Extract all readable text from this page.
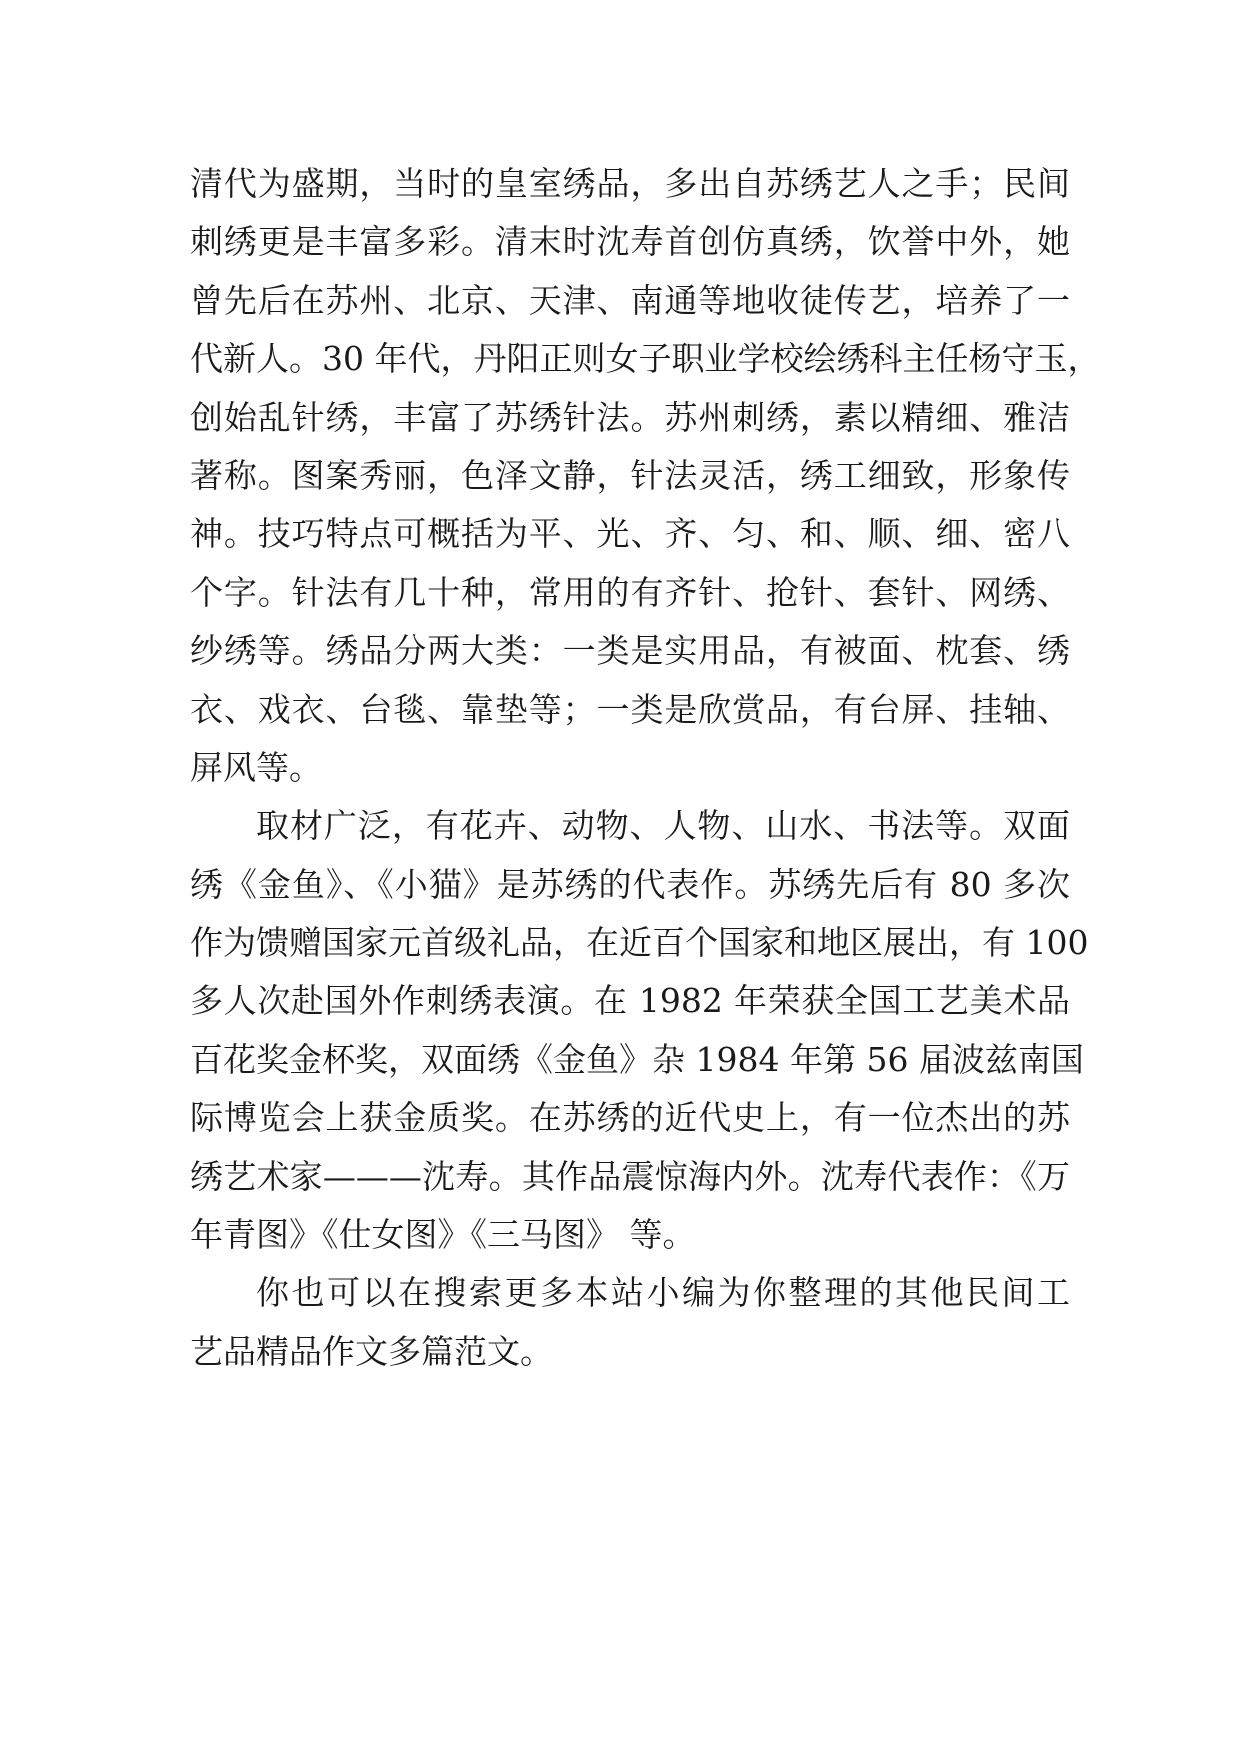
清代为盛期，当时的皇室绣品，多出自苏绣艺人之手；民间
刺绣更是丰富多彩。清末时沈寿首创仿真绣，饮誉中外，她
曾先后在苏州、北京、天津、南通等地收徒传艺，培养了一
代新人。30 年代，丹阳正则女子职业学校绘绣科主任杨守玉，
创始乱针绣，丰富了苏绣针法。苏州刺绣，素以精细、雅洁
著称。图案秀丽，色泽文静，针法灵活，绣工细致，形象传
神。技巧特点可概括为平、光、齐、匀、和、顺、细、密八
个字。针法有几十种，常用的有齐针、抢针、套针、网绣、
纱绣等。绣品分两大类：一类是实用品，有被面、枕套、绣
衣、戏衣、台毯、靠垫等；一类是欣赏品，有台屏、挂轴、
屏风等。
取材广泛，有花卉、动物、人物、山水、书法等。双面
绣《金鱼》、《小猫》是苏绣的代表作。苏绣先后有 80 多次
作为馈赠国家元首级礼品，在近百个国家和地区展出，有 100
多人次赴国外作刺绣表演。在 1982 年荣获全国工艺美术品
百花奖金杯奖，双面绣《金鱼》杂 1984 年第 56 届波兹南国
际博览会上获金质奖。在苏绣的近代史上，有一位杰出的苏
绣艺术家———沈寿。其作品震惊海内外。沈寿代表作：《万
年青图》《仕女图》《三马图》 等。
你也可以在搜索更多本站小编为你整理的其他民间工
艺品精品作文多篇范文。
